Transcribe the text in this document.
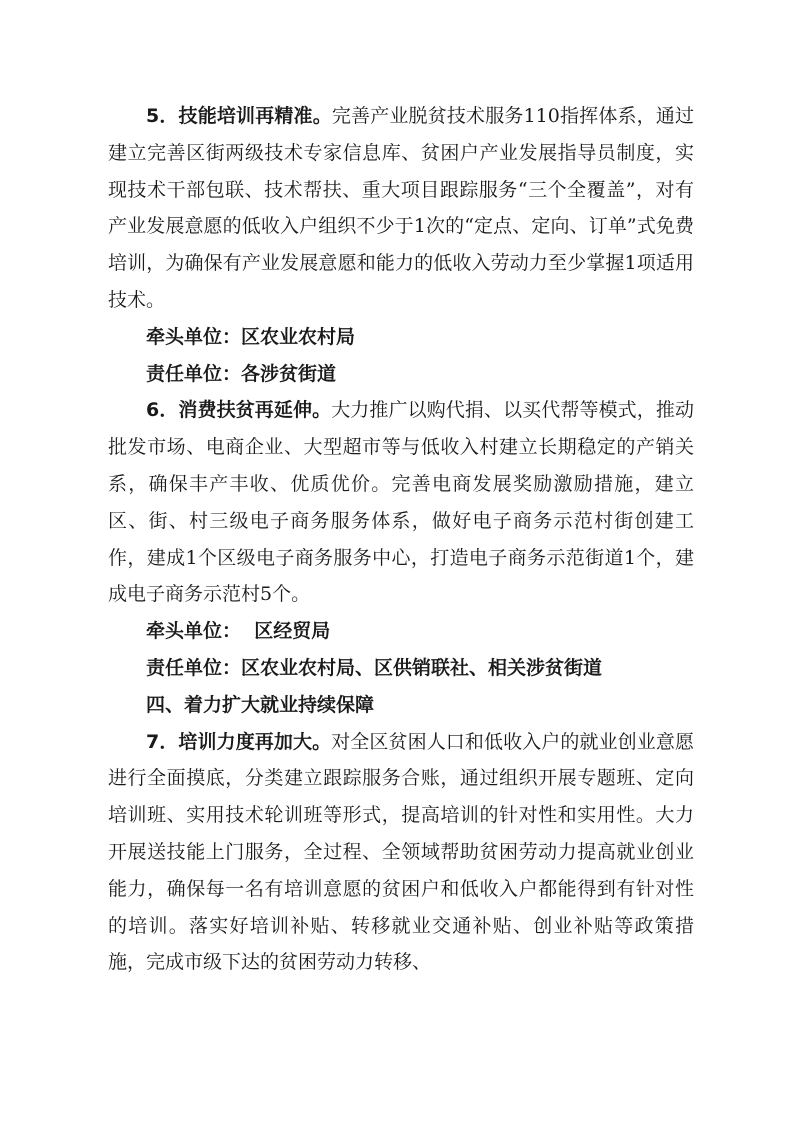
5．技能培训再精准。完善产业脱贫技术服务110指挥体系，通过建立完善区街两级技术专家信息库、贫困户产业发展指导员制度，实现技术干部包联、技术帮扶、重大项目跟踪服务“三个全覆盖”，对有产业发展意愿的低收入户组织不少于1次的“定点、定向、订单”式免费培训，为确保有产业发展意愿和能力的低收入劳动力至少掌握1项适用技术。

牵头单位：区农业农村局

责任单位：各涉贫街道

6．消费扶贫再延伸。大力推广以购代捐、以买代帮等模式，推动批发市场、电商企业、大型超市等与低收入村建立长期稳定的产销关系，确保丰产丰收、优质优价。完善电商发展奖励激励措施，建立区、街、村三级电子商务服务体系，做好电子商务示范村街创建工作，建成1个区级电子商务服务中心，打造电子商务示范街道1个，建成电子商务示范村5个。

牵头单位：  区经贸局

责任单位：区农业农村局、区供销联社、相关涉贫街道

四、着力扩大就业持续保障

7．培训力度再加大。对全区贫困人口和低收入户的就业创业意愿进行全面摸底，分类建立跟踪服务合账，通过组织开展专题班、定向培训班、实用技术轮训班等形式，提高培训的针对性和实用性。大力开展送技能上门服务，全过程、全领域帮助贫困劳动力提高就业创业能力，确保每一名有培训意愿的贫困户和低收入户都能得到有针对性的培训。落实好培训补贴、转移就业交通补贴、创业补贴等政策措施，完成市级下达的贫困劳动力转移、
